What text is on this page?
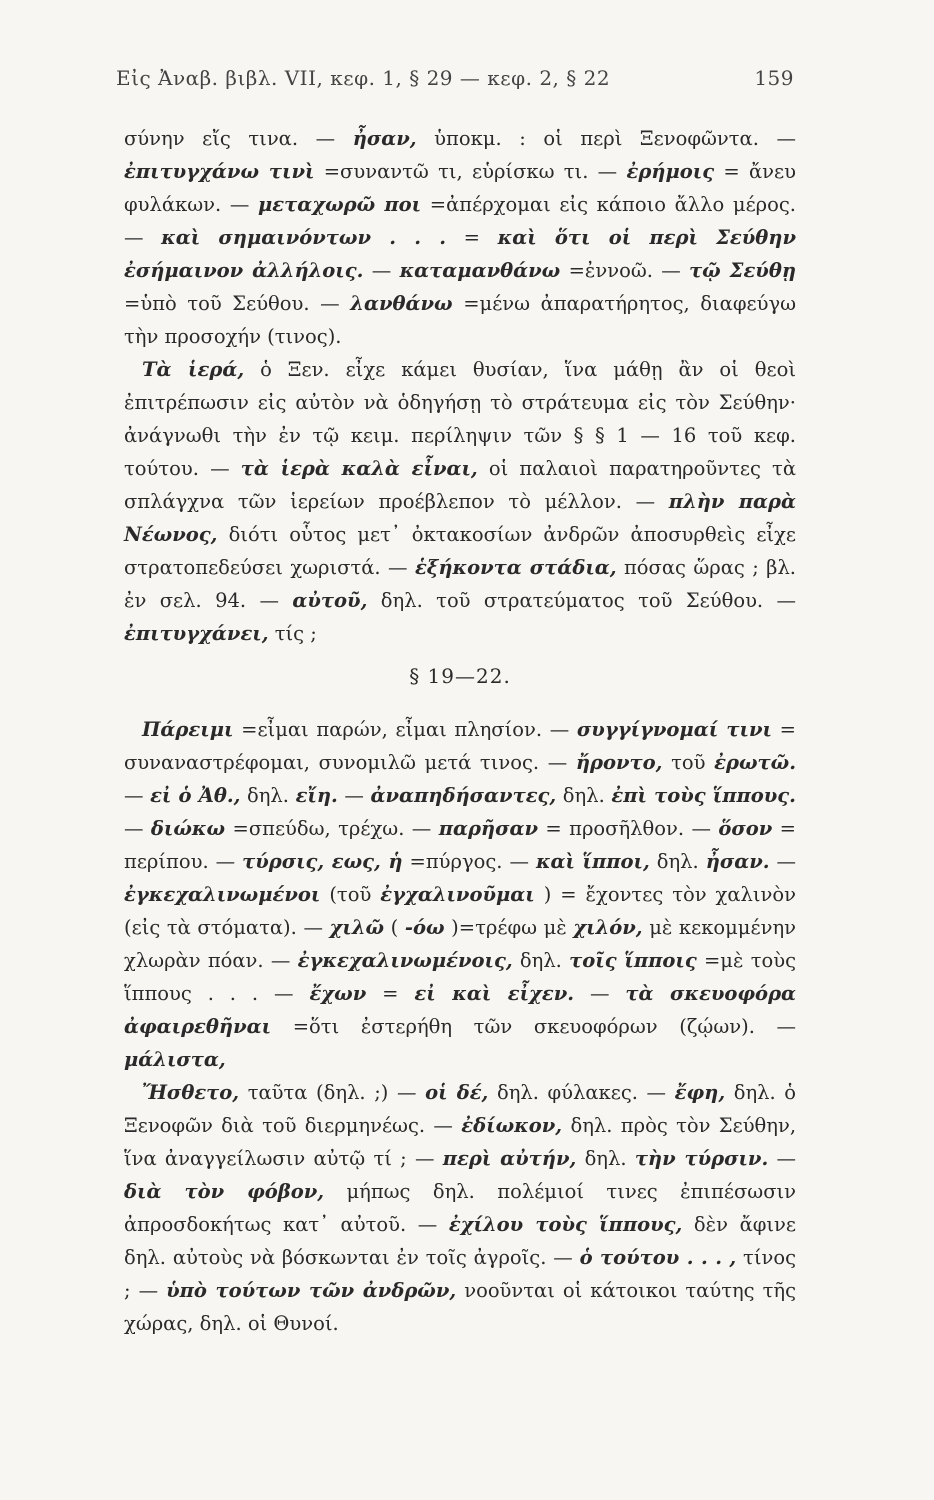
Εἰς Ἀναβ. βιβλ. VII, κεφ. 1, § 29 — κεφ. 2, § 22	159

σύνην εἴς τινα. — ἦσαν, ὑποκμ. : οἱ περὶ Ξενοφῶντα. — ἐπιτυγχάνω τινὶ =συναντῶ τι, εὑρίσκω τι. — ἐρήμοις = ἄνευ φυλάκων. — μεταχωρῶ ποι =ἀπέρχομαι εἰς κάποιο ἄλλο μέρος. — καὶ σημαινόντων . . . = καὶ ὅτι οἱ περὶ Σεύθην ἐσήμαινον ἀλλήλοις. — καταμανθάνω =ἐννοῶ. — τῷ Σεύθῃ =ὑπὸ τοῦ Σεύθου. — λανθάνω =μένω ἀπαρατήρητος, διαφεύγω τὴν προσοχήν (τινος).

Τὰ ἱερά, ὁ Ξεν. εἶχε κάμει θυσίαν, ἵνα μάθῃ ἂν οἱ θεοὶ ἐπιτρέπωσιν εἰς αὐτὸν νὰ ὁδηγήσῃ τὸ στράτευμα εἰς τὸν Σεύθην· ἀνάγνωθι τὴν ἐν τῷ κειμ. περίληψιν τῶν § § 1 — 16 τοῦ κεφ. τούτου. — τὰ ἱερὰ καλὰ εἶναι, οἱ παλαιοὶ παρατηροῦντες τὰ σπλάγχνα τῶν ἱερείων προέβλεπον τὸ μέλλον. — πλὴν παρὰ Νέωνος, διότι οὗτος μετ᾽ ὀκτακοσίων ἀνδρῶν ἀποσυρθεὶς εἶχε στρατοπεδεύσει χωριστά. — ἑξήκοντα στάδια, πόσας ὥρας ; βλ. ἐν σελ. 94. — αὐτοῦ, δηλ. τοῦ στρατεύματος τοῦ Σεύθου. — ἐπιτυγχάνει, τίς ;

§ 19—22.

Πάρειμι =εἶμαι παρών, εἶμαι πλησίον. — συγγίγνομαί τινι = συναναστρέφομαι, συνομιλῶ μετά τινος. — ἤροντο, τοῦ ἐρωτῶ. — εἰ ὁ Ἀθ., δηλ. εἴη. — ἀναπηδήσαντες, δηλ. ἐπὶ τοὺς ἵππους. — διώκω =σπεύδω, τρέχω. — παρῆσαν = προσῆλθον. — ὅσον = περίπου. — τύρσις, εως, ἡ =πύργος. — καὶ ἵπποι, δηλ. ἦσαν. — ἐγκεχαλινωμένοι (τοῦ ἐγχαλινοῦμαι ) = ἔχοντες τὸν χαλινὸν (εἰς τὰ στόματα). — χιλῶ ( -όω )=τρέφω μὲ χιλόν, μὲ κεκομμένην χλωρὰν πόαν. — ἐγκεχαλινωμένοις, δηλ. τοῖς ἵπποις =μὲ τοὺς ἵππους . . . — ἔχων = εἰ καὶ εἶχεν. — τὰ σκευοφόρα ἀφαιρεθῆναι =ὅτι ἐστερήθη τῶν σκευοφόρων (ζῴων). — μάλιστα,

Ἤσθετο, ταῦτα (δηλ. ;) — οἱ δέ, δηλ. φύλακες. — ἔφη, δηλ. ὁ Ξενοφῶν διὰ τοῦ διερμηνέως. — ἐδίωκον, δηλ. πρὸς τὸν Σεύθην, ἵνα ἀναγγείλωσιν αὐτῷ τί ; — περὶ αὐτήν, δηλ. τὴν τύρσιν. — διὰ τὸν φόβον, μήπως δηλ. πολέμιοί τινες ἐπιπέσωσιν ἀπροσδοκήτως κατ᾽ αὐτοῦ. — ἐχίλου τοὺς ἵππους, δὲν ἄφινε δηλ. αὐτοὺς νὰ βόσκωνται ἐν τοῖς ἀγροῖς. — ὁ τούτου . . . , τίνος ; — ὑπὸ τούτων τῶν ἀνδρῶν, νοοῦνται οἱ κάτοικοι ταύτης τῆς χώρας, δηλ. οἱ Θυνοί.
